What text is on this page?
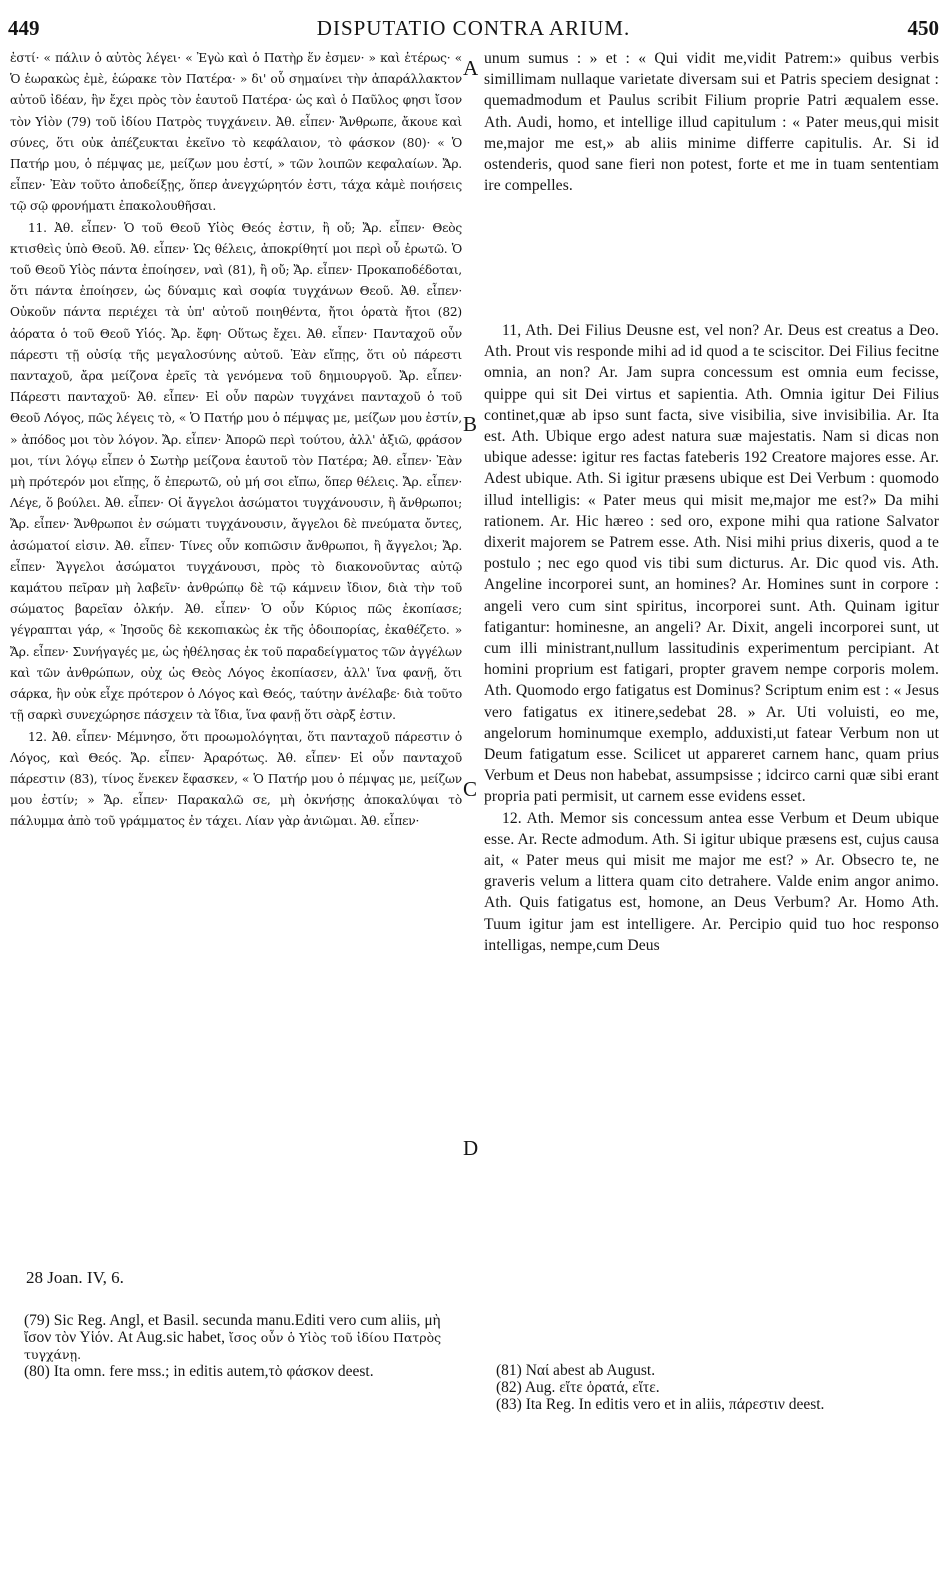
449	DISPUTATIO CONTRA ARIUM.	450

ἐστί· « πάλιν ὁ αὐτὸς λέγει· « Ἐγὼ καὶ ὁ Πατὴρ ἕν ἐσμεν· » καὶ ἑτέρως· « Ὁ ἑωρακὼς ἐμὲ, ἑώρακε τὸν Πατέρα· » δι' οὗ σημαίνει τὴν ἀπαράλλακτον αὐτοῦ ἰδέαν, ἣν ἔχει πρὸς τὸν ἑαυτοῦ Πατέρα· ὡς καὶ ὁ Παῦλος φησι ἴσον τὸν Υἱὸν (79) τοῦ ἰδίου Πατρὸς τυγχάνειν. Ἀθ. εἶπεν· Ἄνθρωπε, ἄκουε καὶ σύνες, ὅτι οὐκ ἀπέζευκται ἐκεῖνο τὸ κεφάλαιον, τὸ φάσκον (80)· « Ὁ Πατήρ μου, ὁ πέμψας με, μείζων μου ἐστί, » τῶν λοιπῶν κεφαλαίων. Ἄρ. εἶπεν· Ἐὰν τοῦτο ἀποδείξῃς, ὅπερ ἀνεγχώρητόν ἐστι, τάχα κἀμὲ ποιήσεις τῷ σῷ φρονήματι ἐπακολουθῆσαι.

11. Ἀθ. εἶπεν· Ὁ τοῦ Θεοῦ Υἱὸς Θεός ἐστιν, ἢ οὔ; Ἄρ. εἶπεν· Θεὸς κτισθεὶς ὑπὸ Θεοῦ. Ἀθ. εἶπεν· Ὡς θέλεις, ἀποκρίθητί μοι περὶ οὗ ἐρωτῶ. Ὁ τοῦ Θεοῦ Υἱὸς πάντα ἐποίησεν, ναὶ (81), ἢ οὔ; Ἄρ. εἶπεν· Προκαποδέδοται, ὅτι πάντα ἐποίησεν, ὡς δύναμις καὶ σοφία τυγχάνων Θεοῦ. Ἀθ. εἶπεν· Οὐκοῦν πάντα περιέχει τὰ ὑπ' αὐτοῦ ποιηθέντα, ἤτοι ὁρατὰ ἤτοι (82) ἀόρατα ὁ τοῦ Θεοῦ Υἱός. Ἄρ. ἔφη· Οὕτως ἔχει. Ἀθ. εἶπεν· Πανταχοῦ οὖν πάρεστι τῇ οὐσίᾳ τῆς μεγαλοσύνης αὐτοῦ. Ἐὰν εἴπῃς, ὅτι οὐ πάρεστι πανταχοῦ, ἄρα μείζονα ἐρεῖς τὰ γενόμενα τοῦ δημιουργοῦ. Ἄρ. εἶπεν· Πάρεστι πανταχοῦ· Ἀθ. εἶπεν· Εἰ οὖν παρὼν τυγχάνει πανταχοῦ ὁ τοῦ Θεοῦ Λόγος, πῶς λέγεις τὸ, « Ὁ Πατήρ μου ὁ πέμψας με, μείζων μου ἐστίν, » ἀπόδος μοι τὸν λόγον. Ἄρ. εἶπεν· Ἀπορῶ περὶ τούτου, ἀλλ' ἀξιῶ, φράσον μοι, τίνι λόγῳ εἶπεν ὁ Σωτὴρ μείζονα ἑαυτοῦ τὸν Πατέρα; Ἀθ. εἶπεν· Ἐὰν μὴ πρότερόν μοι εἴπῃς, ὅ ἐπερωτῶ, οὐ μή σοι εἴπω, ὅπερ θέλεις. Ἄρ. εἶπεν· Λέγε, ὅ βούλει. Ἀθ. εἶπεν· Οἱ ἄγγελοι ἀσώματοι τυγχάνουσιν, ἢ ἄνθρωποι; Ἄρ. εἶπεν· Ἄνθρωποι ἐν σώματι τυγχάνουσιν, ἄγγελοι δὲ πνεύματα ὄντες, ἀσώματοί εἰσιν. Ἀθ. εἶπεν· Τίνες οὖν κοπιῶσιν ἄνθρωποι, ἢ ἄγγελοι; Ἄρ. εἶπεν· Ἄγγελοι ἀσώματοι τυγχάνουσι, πρὸς τὸ διακονοῦντας αὐτῷ καμάτου πεῖραν μὴ λαβεῖν· ἀνθρώπῳ δὲ τῷ κάμνειν ἴδιον, διὰ τὴν τοῦ σώματος βαρεῖαν ὁλκήν. Ἀθ. εἶπεν· Ὁ οὖν Κύριος πῶς ἐκοπίασε; γέγραπται γάρ, « Ἰησοῦς δὲ κεκοπιακὼς ἐκ τῆς ὁδοιπορίας, ἐκαθέζετο. » Ἄρ. εἶπεν· Συνήγαγές με, ὡς ἠθέλησας ἐκ τοῦ παραδείγματος τῶν ἀγγέλων καὶ τῶν ἀνθρώπων, οὐχ ὡς Θεὸς Λόγος ἐκοπίασεν, ἀλλ' ἵνα φανῇ, ὅτι σάρκα, ἣν οὐκ εἶχε πρότερον ὁ Λόγος καὶ Θεός, ταύτην ἀνέλαβε· διὰ τοῦτο τῇ σαρκὶ συνεχώρησε πάσχειν τὰ ἴδια, ἵνα φανῇ ὅτι σὰρξ ἐστιν.

12. Ἀθ. εἶπεν· Μέμνησο, ὅτι προωμολόγηται, ὅτι πανταχοῦ πάρεστιν ὁ Λόγος, καὶ Θεός. Ἄρ. εἶπεν· Ἀραρότως. Ἀθ. εἶπεν· Εἰ οὖν πανταχοῦ πάρεστιν (83), τίνος ἕνεκεν ἔφασκεν, « Ὁ Πατήρ μου ὁ πέμψας με, μείζων μου ἐστίν; » Ἄρ. εἶπεν· Παρακαλῶ σε, μὴ ὀκνήσῃς ἀποκαλύψαι τὸ πάλυμμα ἀπὸ τοῦ γράμματος ἐν τάχει. Λίαν γὰρ ἀνιῶμαι. Ἀθ. εἶπεν·

A
B
C
D

unum sumus : » et : « Qui vidit me,vidit Patrem:» quibus verbis simillimam nullaque varietate diversam sui et Patris speciem designat : quemadmodum et Paulus scribit Filium proprie Patri æqualem esse. Ath. Audi, homo, et intellige illud capitulum : « Pater meus,qui misit me,major me est,» ab aliis minime differre capitulis. Ar. Si id ostenderis, quod sane fieri non potest, forte et me in tuam sententiam ire compelles.

11, Ath. Dei Filius Deusne est, vel non? Ar. Deus est creatus a Deo. Ath. Prout vis responde mihi ad id quod a te sciscitor. Dei Filius fecitne omnia, an non? Ar. Jam supra concessum est omnia eum fecisse, quippe qui sit Dei virtus et sapientia. Ath. Omnia igitur Dei Filius continet,quæ ab ipso sunt facta, sive visibilia, sive invisibilia. Ar. Ita est. Ath. Ubique ergo adest natura suæ majestatis. Nam si dicas non ubique adesse: igitur res factas fateberis 192 Creatore majores esse. Ar. Adest ubique. Ath. Si igitur præsens ubique est Dei Verbum : quomodo illud intelligis: « Pater meus qui misit me,major me est?» Da mihi rationem. Ar. Hic hæreo : sed oro, expone mihi qua ratione Salvator dixerit majorem se Patrem esse. Ath. Nisi mihi prius dixeris, quod a te postulo ; nec ego quod vis tibi sum dicturus. Ar. Dic quod vis. Ath. Angeline incorporei sunt, an homines? Ar. Homines sunt in corpore : angeli vero cum sint spiritus, incorporei sunt. Ath. Quinam igitur fatigantur: hominesne, an angeli? Ar. Dixit, angeli incorporei sunt, ut cum illi ministrant,nullum lassitudinis experimentum percipiant. At homini proprium est fatigari, propter gravem nempe corporis molem. Ath. Quomodo ergo fatigatus est Dominus? Scriptum enim est : « Jesus vero fatigatus ex itinere,sedebat 28. » Ar. Uti voluisti, eo me, angelorum hominumque exemplo, adduxisti,ut fatear Verbum non ut Deum fatigatum esse. Scilicet ut appareret carnem hanc, quam prius Verbum et Deus non habebat, assumpsisse ; idcirco carni quæ sibi erant propria pati permisit, ut carnem esse evidens esset.

12. Ath. Memor sis concessum antea esse Verbum et Deum ubique esse. Ar. Recte admodum. Ath. Si igitur ubique præsens est, cujus causa ait, « Pater meus qui misit me major me est? » Ar. Obsecro te, ne graveris velum a littera quam cito detrahere. Valde enim angor animo. Ath. Quis fatigatus est, homone, an Deus Verbum? Ar. Homo Ath. Tuum igitur jam est intelligere. Ar. Percipio quid tuo hoc responso intelligas, nempe,cum Deus

28 Joan. IV, 6.

(79) Sic Reg. Angl, et Basil. secunda manu.Editi vero cum aliis, μὴ ἴσον τὸν Υἱόν. At Aug.sic habet, ἴσος οὖν ὁ Υἱὸς τοῦ ἰδίου Πατρὸς τυγχάνῃ.

(80) Ita omn. fere mss.; in editis autem,τὸ φάσκον deest.	(81) Ναί abest ab August.

(82) Aug. εἴτε ὁρατά, εἴτε.

(83) Ita Reg. In editis vero et in aliis, πάρεστιν deest.
